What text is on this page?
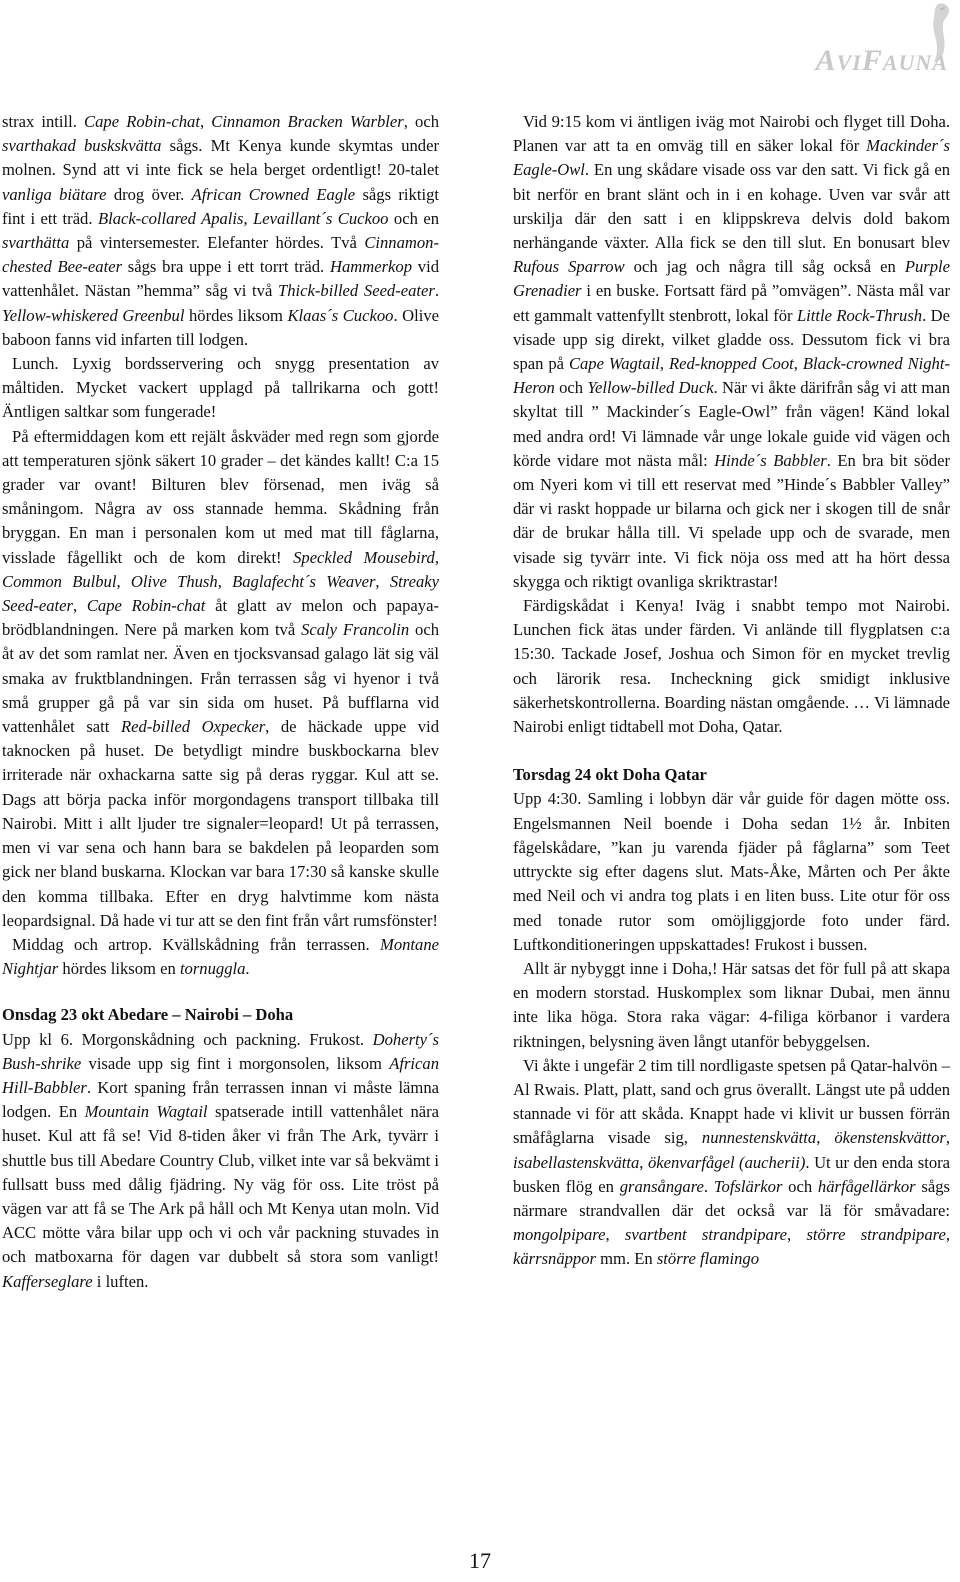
AVIFAUNA

strax intill. Cape Robin-chat, Cinnamon Bracken Warbler, och svarthakad buskskvätta sågs. Mt Kenya kunde skymtas under molnen. Synd att vi inte fick se hela berget ordentligt! 20-talet vanliga biätare drog över. African Crowned Eagle sågs riktigt fint i ett träd. Black-collared Apalis, Levaillant´s Cuckoo och en svarthätta på vintersemester. Elefanter hördes. Två Cinnamon-chested Bee-eater sågs bra uppe i ett torrt träd. Hammerkop vid vattenhålet. Nästan ”hemma” såg vi två Thick-billed Seed-eater. Yellow-whiskered Greenbul hördes liksom Klaas´s Cuckoo. Olive baboon fanns vid infarten till lodgen.

Lunch. Lyxig bordsservering och snygg presentation av måltiden. Mycket vackert upplagd på tallrikarna och gott! Äntligen saltkar som fungerade!

På eftermiddagen kom ett rejält åskväder med regn som gjorde att temperaturen sjönk säkert 10 grader – det kändes kallt! C:a 15 grader var ovant! Bilturen blev försenad, men iväg så småningom. Några av oss stannade hemma. Skådning från bryggan. En man i personalen kom ut med mat till fåglarna, visslade fågellikt och de kom direkt! Speckled Mousebird, Common Bulbul, Olive Thush, Baglafecht´s Weaver, Streaky Seed-eater, Cape Robin-chat åt glatt av melon och papaya-brödblandningen. Nere på marken kom två Scaly Francolin och åt av det som ramlat ner. Även en tjocksvansad galago lät sig väl smaka av fruktblandningen. Från terrassen såg vi hyenor i två små grupper gå på var sin sida om huset. På bufflarna vid vattenhålet satt Red-billed Oxpecker, de häckade uppe vid taknocken på huset. De betydligt mindre buskbockarna blev irriterade när oxhackarna satte sig på deras ryggar. Kul att se. Dags att börja packa inför morgondagens transport tillbaka till Nairobi. Mitt i allt ljuder tre signaler=leopard! Ut på terrassen, men vi var sena och hann bara se bakdelen på leoparden som gick ner bland buskarna. Klockan var bara 17:30 så kanske skulle den komma tillbaka. Efter en dryg halvtimme kom nästa leopardsignal. Då hade vi tur att se den fint från vårt rumsfönster!

Middag och artrop. Kvällskådning från terrassen. Montane Nightjar hördes liksom en tornuggla.

Onsdag 23 okt Abedare – Nairobi – Doha

Upp kl 6. Morgonskådning och packning. Frukost. Doherty´s Bush-shrike visade upp sig fint i morgonsolen, liksom African Hill-Babbler. Kort spaning från terrassen innan vi måste lämna lodgen. En Mountain Wagtail spatserade intill vattenhålet nära huset. Kul att få se! Vid 8-tiden åker vi från The Ark, tyvärr i shuttle bus till Abedare Country Club, vilket inte var så bekvämt i fullsatt buss med dålig fjädring. Ny väg för oss. Lite tröst på vägen var att få se The Ark på håll och Mt Kenya utan moln. Vid ACC mötte våra bilar upp och vi och vår packning stuvades in och matboxarna för dagen var dubbelt så stora som vanligt! Kafferseglare i luften.

Vid 9:15 kom vi äntligen iväg mot Nairobi och flyget till Doha. Planen var att ta en omväg till en säker lokal för Mackinder´s Eagle-Owl. En ung skådare visade oss var den satt. Vi fick gå en bit nerför en brant slänt och in i en kohage. Uven var svår att urskilja där den satt i en klippskreva delvis dold bakom nerhängande växter. Alla fick se den till slut. En bonusart blev Rufous Sparrow och jag och några till såg också en Purple Grenadier i en buske. Fortsatt färd på ”omvägen”. Nästa mål var ett gammalt vattenfyllt stenbrott, lokal för Little Rock-Thrush. De visade upp sig direkt, vilket gladde oss. Dessutom fick vi bra span på Cape Wagtail, Red-knopped Coot, Black-crowned Night-Heron och Yellow-billed Duck. När vi åkte därifrån såg vi att man skyltat till ” Mackinder´s Eagle-Owl” från vägen! Känd lokal med andra ord! Vi lämnade vår unge lokale guide vid vägen och körde vidare mot nästa mål: Hinde´s Babbler. En bra bit söder om Nyeri kom vi till ett reservat med ”Hinde´s Babbler Valley” där vi raskt hoppade ur bilarna och gick ner i skogen till de snår där de brukar hålla till. Vi spelade upp och de svarade, men visade sig tyvärr inte. Vi fick nöja oss med att ha hört dessa skygga och riktigt ovanliga skriktrastar!

Färdigskådat i Kenya! Iväg i snabbt tempo mot Nairobi. Lunchen fick ätas under färden. Vi anlände till flygplatsen c:a 15:30. Tackade Josef, Joshua och Simon för en mycket trevlig och lärorik resa. Incheckning gick smidigt inklusive säkerhetskontrollerna. Boarding nästan omgående. … Vi lämnade Nairobi enligt tidtabell mot Doha, Qatar.

Torsdag 24 okt Doha Qatar

Upp 4:30. Samling i lobbyn där vår guide för dagen mötte oss. Engelsmannen Neil boende i Doha sedan 1½ år. Inbiten fågelskådare, ”kan ju varenda fjäder på fåglarna” som Teet uttryckte sig efter dagens slut. Mats-Åke, Mårten och Per åkte med Neil och vi andra tog plats i en liten buss. Lite otur för oss med tonade rutor som omöjliggjorde foto under färd. Luftkonditioneringen uppskattades! Frukost i bussen.

Allt är nybyggt inne i Doha,! Här satsas det för full på att skapa en modern storstad. Huskomplex som liknar Dubai, men ännu inte lika höga. Stora raka vägar: 4-filiga körbanor i vardera riktningen, belysning även långt utanför bebyggelsen.

Vi åkte i ungefär 2 tim till nordligaste spetsen på Qatar-halvön – Al Rwais. Platt, platt, sand och grus överallt. Längst ute på udden stannade vi för att skåda. Knappt hade vi klivit ur bussen förrän småfåglarna visade sig, nunnestenskvätta, ökenstenskvättor, isabellastenskvätta, ökenvarfågel (aucherii). Ut ur den enda stora busken flög en gransångare. Tofslärkor och härfågellärkor sågs närmare strandvallen där det också var lä för småvadare: mongolpipare, svartbent strandpipare, större strandpipare, kärrsnäppor mm. En större flamingo

17
